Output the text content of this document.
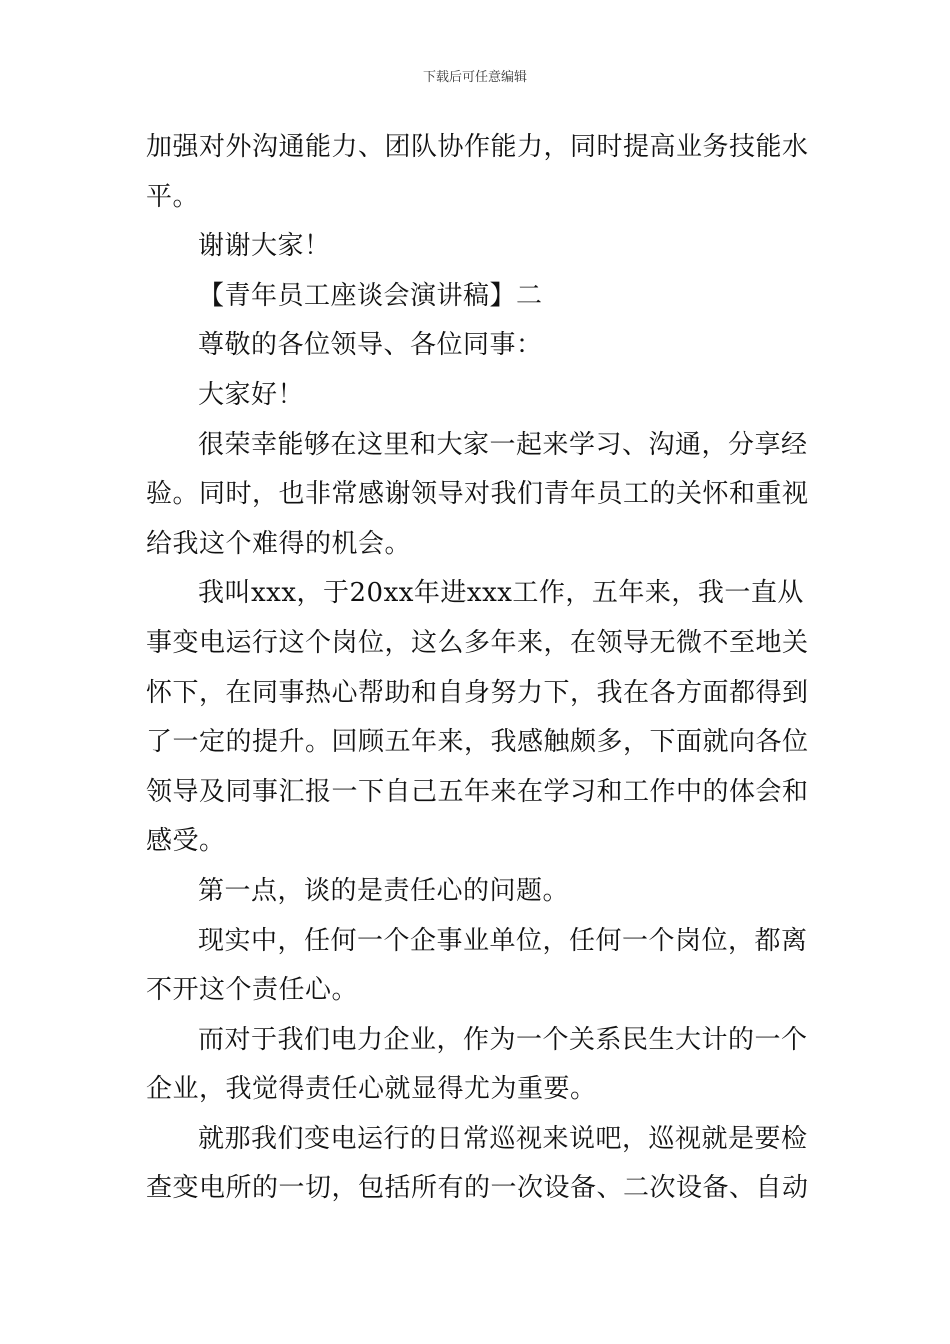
下载后可任意编辑

加强对外沟通能力、团队协作能力，同时提高业务技能水平。

谢谢大家！

【青年员工座谈会演讲稿】二

尊敬的各位领导、各位同事：

大家好！

很荣幸能够在这里和大家一起来学习、沟通，分享经验。同时，也非常感谢领导对我们青年员工的关怀和重视给我这个难得的机会。

我叫xxx，于20xx年进xxx工作，五年来，我一直从事变电运行这个岗位，这么多年来，在领导无微不至地关怀下，在同事热心帮助和自身努力下，我在各方面都得到了一定的提升。回顾五年来，我感触颇多，下面就向各位领导及同事汇报一下自己五年来在学习和工作中的体会和感受。

第一点，谈的是责任心的问题。

现实中，任何一个企事业单位，任何一个岗位，都离不开这个责任心。

而对于我们电力企业，作为一个关系民生大计的一个企业，我觉得责任心就显得尤为重要。

就那我们变电运行的日常巡视来说吧，巡视就是要检查变电所的一切，包括所有的一次设备、二次设备、自动
